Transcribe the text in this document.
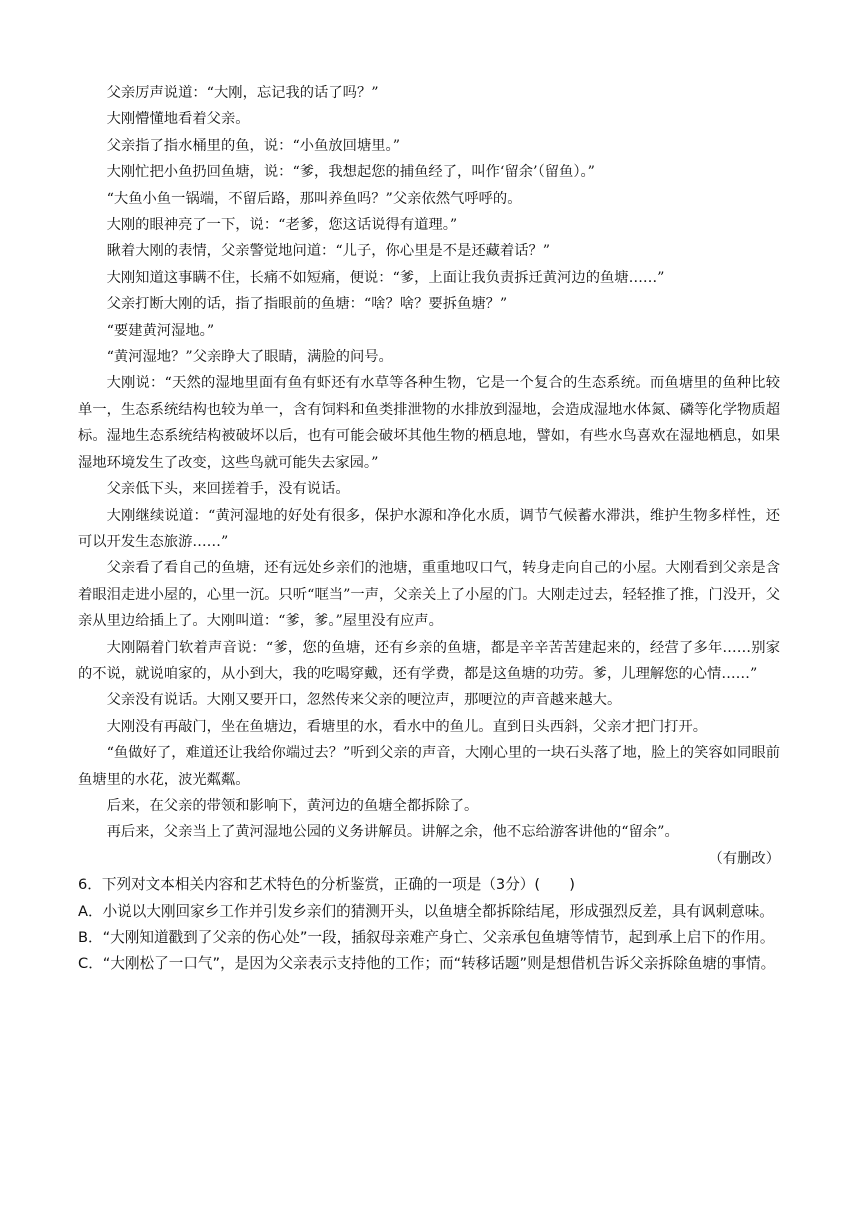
父亲厉声说道：“大刚，忘记我的话了吗？”

大刚懵懂地看着父亲。

父亲指了指水桶里的鱼，说：“小鱼放回塘里。”

大刚忙把小鱼扔回鱼塘，说：“爹，我想起您的捕鱼经了，叫作‘留余’（留鱼）。”

“大鱼小鱼一锅端，不留后路，那叫养鱼吗？”父亲依然气呼呼的。

大刚的眼神亮了一下，说：“老爹，您这话说得有道理。”

瞅着大刚的表情，父亲警觉地问道：“儿子，你心里是不是还藏着话？”

大刚知道这事瞒不住，长痛不如短痛，便说：“爹，上面让我负责拆迁黄河边的鱼塘……”

父亲打断大刚的话，指了指眼前的鱼塘：“啥？啥？要拆鱼塘？”

“要建黄河湿地。”

“黄河湿地？”父亲睁大了眼睛，满脸的问号。

大刚说：“天然的湿地里面有鱼有虾还有水草等各种生物，它是一个复合的生态系统。而鱼塘里的鱼种比较单一，生态系统结构也较为单一，含有饲料和鱼类排泄物的水排放到湿地，会造成湿地水体氮、磷等化学物质超标。湿地生态系统结构被破坏以后，也有可能会破坏其他生物的栖息地，譬如，有些水鸟喜欢在湿地栖息，如果湿地环境发生了改变，这些鸟就可能失去家园。”

父亲低下头，来回搓着手，没有说话。

大刚继续说道：“黄河湿地的好处有很多，保护水源和净化水质，调节气候蓄水滞洪，维护生物多样性，还可以开发生态旅游……”

父亲看了看自己的鱼塘，还有远处乡亲们的池塘，重重地叹口气，转身走向自己的小屋。大刚看到父亲是含着眼泪走进小屋的，心里一沉。只听“哐当”一声，父亲关上了小屋的门。大刚走过去，轻轻推了推，门没开，父亲从里边给插上了。大刚叫道：“爹，爹。”屋里没有应声。

大刚隔着门软着声音说：“爹，您的鱼塘，还有乡亲的鱼塘，都是辛辛苦苦建起来的，经营了多年……别家的不说，就说咱家的，从小到大，我的吃喝穿戴，还有学费，都是这鱼塘的功劳。爹，儿理解您的心情……”

父亲没有说话。大刚又要开口，忽然传来父亲的哽泣声，那哽泣的声音越来越大。

大刚没有再敲门，坐在鱼塘边，看塘里的水，看水中的鱼儿。直到日头西斜，父亲才把门打开。

“鱼做好了，难道还让我给你端过去？”听到父亲的声音，大刚心里的一块石头落了地，脸上的笑容如同眼前鱼塘里的水花，波光粼粼。

后来，在父亲的带领和影响下，黄河边的鱼塘全都拆除了。

再后来，父亲当上了黄河湿地公园的义务讲解员。讲解之余，他不忘给游客讲他的“留余”。

（有删改）

6．下列对文本相关内容和艺术特色的分析鉴赏，正确的一项是（3分）(　　)

A．小说以大刚回家乡工作并引发乡亲们的猜测开头，以鱼塘全都拆除结尾，形成强烈反差，具有讽刺意味。

B．“大刚知道戳到了父亲的伤心处”一段，插叙母亲难产身亡、父亲承包鱼塘等情节，起到承上启下的作用。

C．“大刚松了一口气”，是因为父亲表示支持他的工作；而“转移话题”则是想借机告诉父亲拆除鱼塘的事情。
